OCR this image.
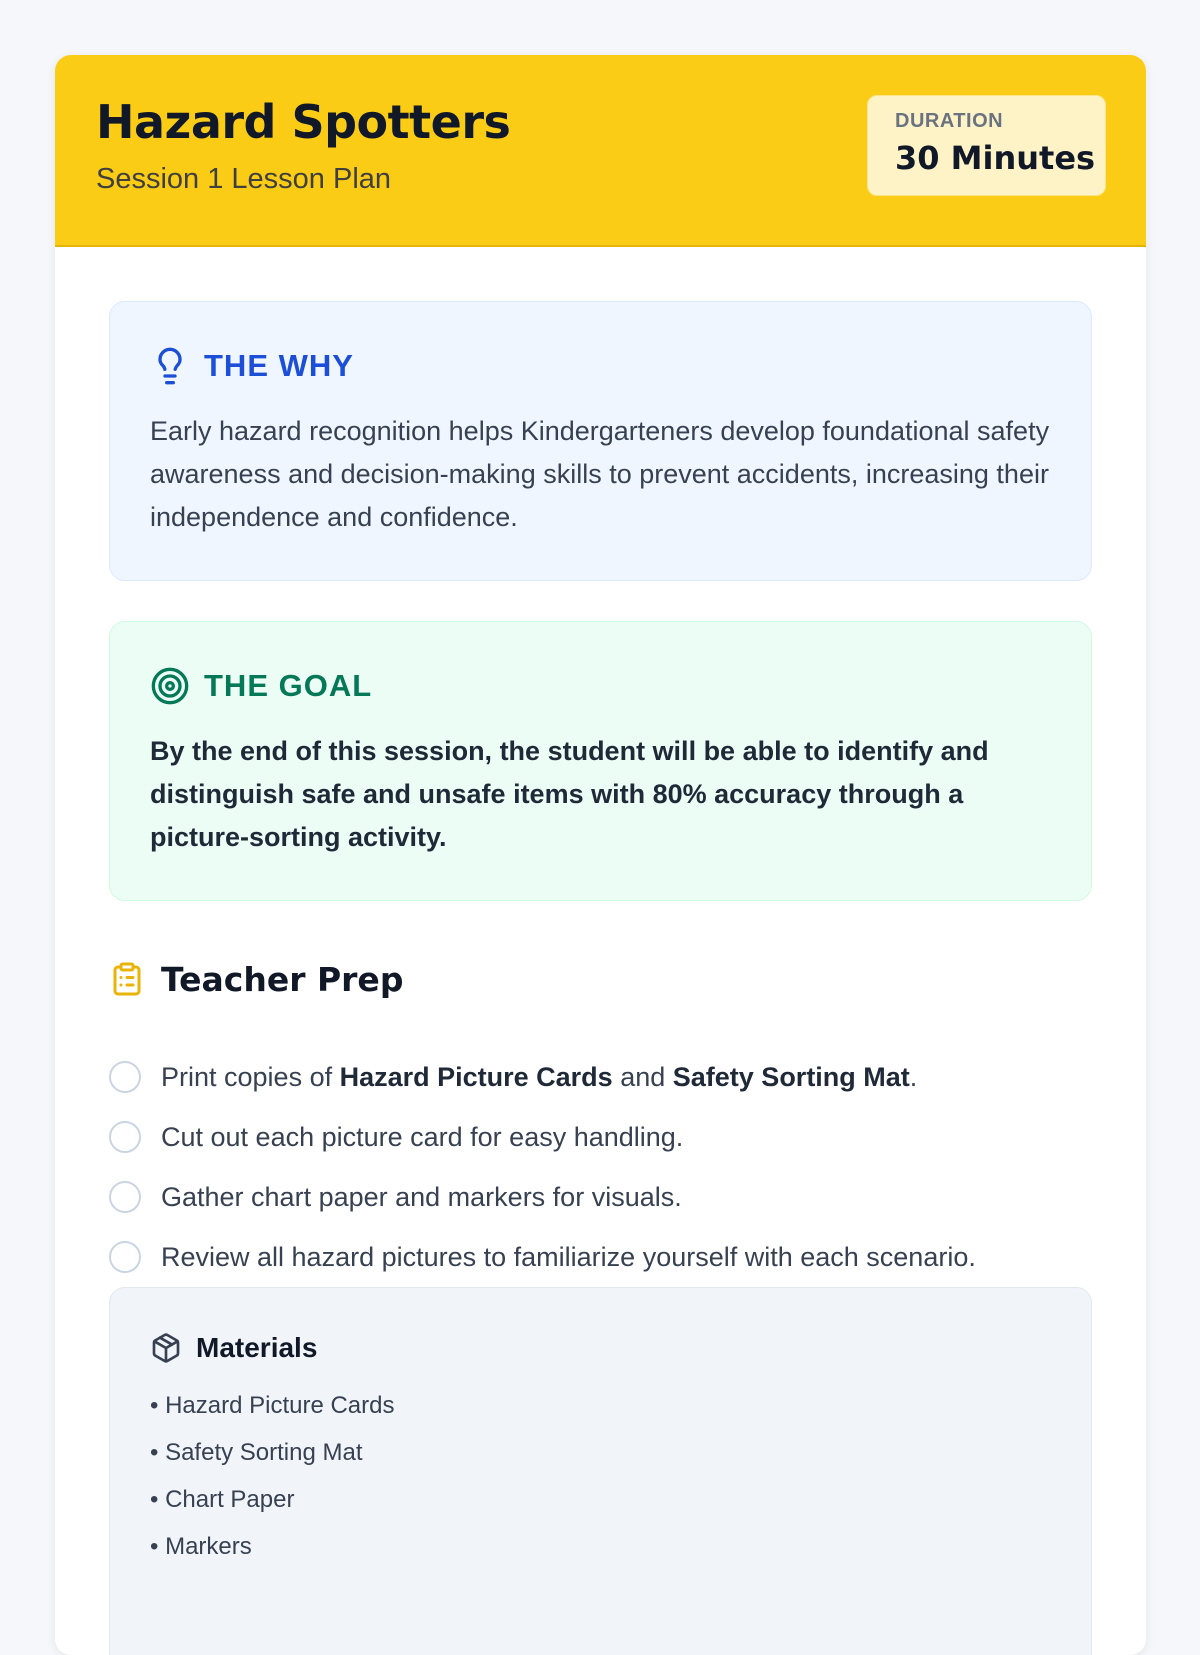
Hazard Spotters
Session 1 Lesson Plan
DURATION
30 Minutes
THE WHY
Early hazard recognition helps Kindergarteners develop foundational safety awareness and decision-making skills to prevent accidents, increasing their independence and confidence.
THE GOAL
By the end of this session, the student will be able to identify and distinguish safe and unsafe items with 80% accuracy through a picture-sorting activity.
Teacher Prep
Print copies of Hazard Picture Cards and Safety Sorting Mat.
Cut out each picture card for easy handling.
Gather chart paper and markers for visuals.
Review all hazard pictures to familiarize yourself with each scenario.
Materials
• Hazard Picture Cards
• Safety Sorting Mat
• Chart Paper
• Markers
